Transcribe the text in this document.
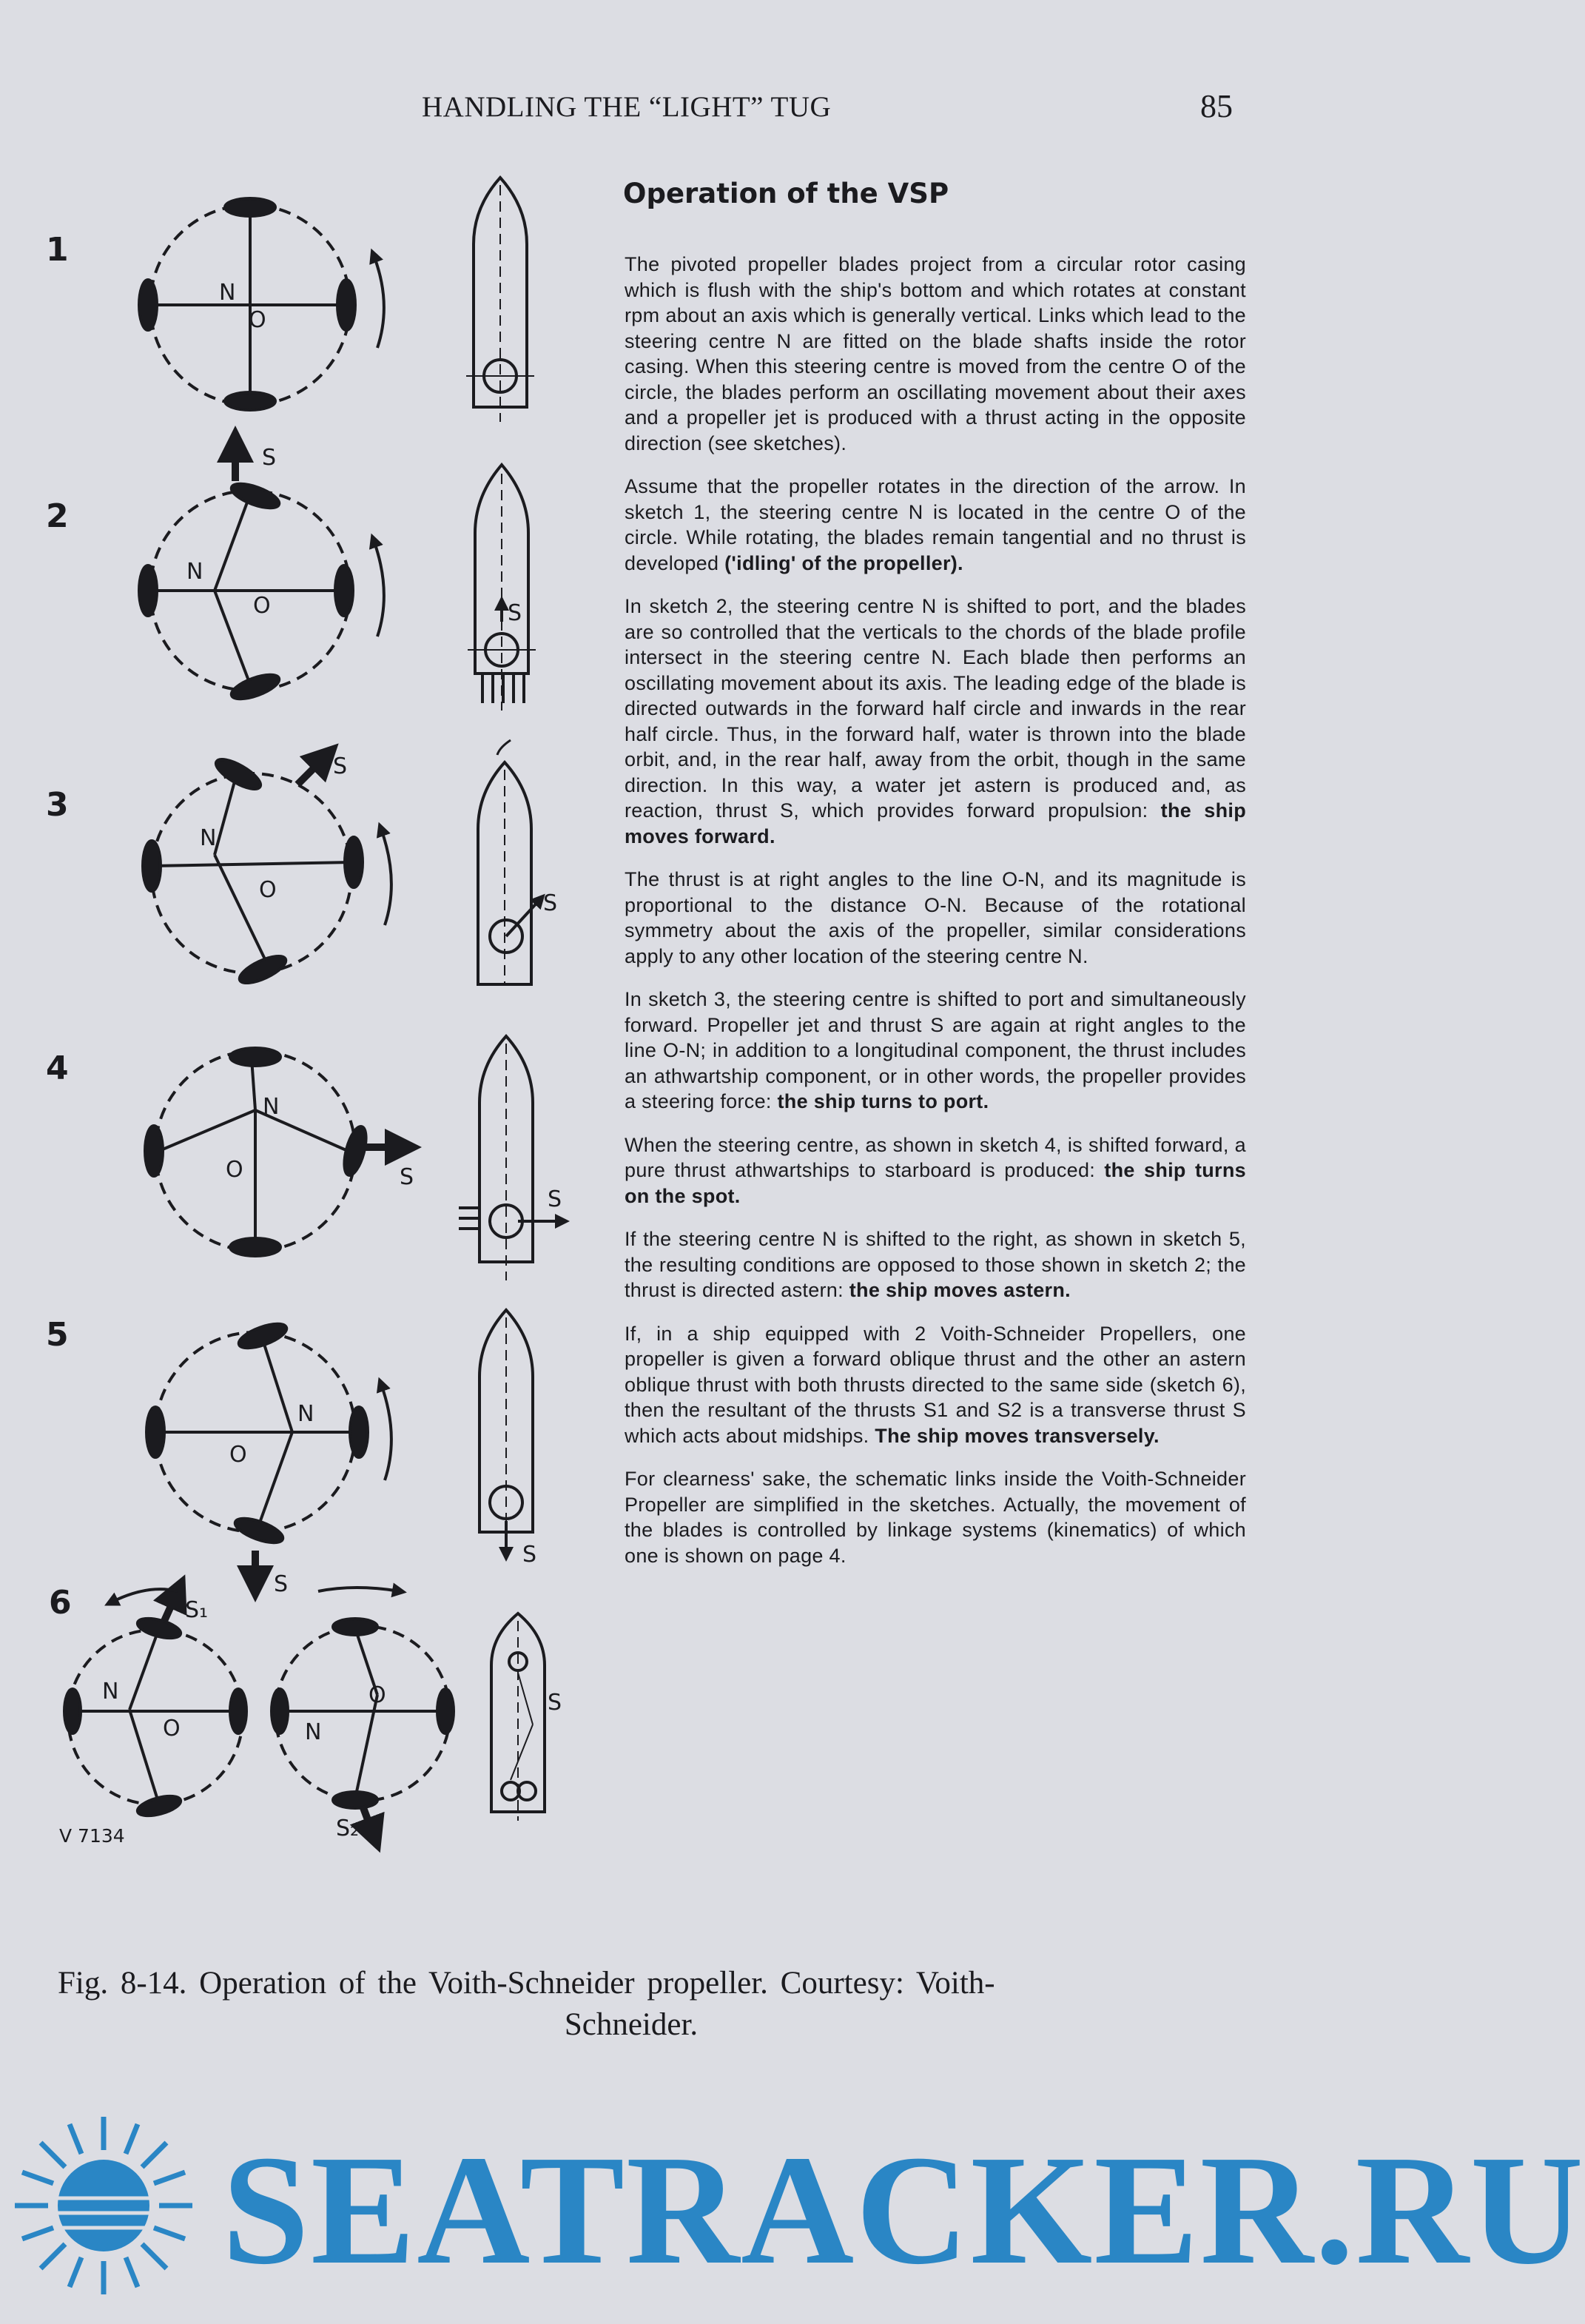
HANDLING THE “LIGHT” TUG	85
Operation of the VSP

The pivoted propeller blades project from a circular rotor casing which is flush with the ship's bottom and which rotates at constant rpm about an axis which is generally vertical. Links which lead to the steering centre N are fitted on the blade shafts inside the rotor casing. When this steering centre is moved from the centre O of the circle, the blades perform an oscillating movement about their axes and a propeller jet is produced with a thrust acting in the opposite direction (see sketches).

Assume that the propeller rotates in the direction of the arrow. In sketch 1, the steering centre N is located in the centre O of the circle. While rotating, the blades remain tangential and no thrust is developed ('idling' of the propeller).

In sketch 2, the steering centre N is shifted to port, and the blades are so controlled that the verticals to the chords of the blade profile intersect in the steering centre N. Each blade then performs an oscillating movement about its axis. The leading edge of the blade is directed outwards in the forward half circle and inwards in the rear half circle. Thus, in the forward half, water is thrown into the blade orbit, and, in the rear half, away from the orbit, though in the same direction. In this way, a water jet astern is produced and, as reaction, thrust S, which provides forward propulsion: the ship moves forward.

The thrust is at right angles to the line O-N, and its magnitude is proportional to the distance O-N. Because of the rotational symmetry about the axis of the propeller, similar considerations apply to any other location of the steering centre N.

In sketch 3, the steering centre is shifted to port and simultaneously forward. Propeller jet and thrust S are again at right angles to the line O-N; in addition to a longitudinal component, the thrust includes an athwartship component, or in other words, the propeller provides a steering force: the ship turns to port.

When the steering centre, as shown in sketch 4, is shifted forward, a pure thrust athwartships to starboard is produced: the ship turns on the spot.

If the steering centre N is shifted to the right, as shown in sketch 5, the resulting conditions are opposed to those shown in sketch 2; the thrust is directed astern: the ship moves astern.

If, in a ship equipped with 2 Voith-Schneider Propellers, one propeller is given a forward oblique thrust and the other an astern oblique thrust with both thrusts directed to the same side (sketch 6), then the resultant of the thrusts S1 and S2 is a transverse thrust S which acts about midships. The ship moves transversely.

For clearness' sake, the schematic links inside the Voith-Schneider Propeller are simplified in the sketches. Actually, the movement of the blades is controlled by linkage systems (kinematics) of which one is shown on page 4.

1
2
3
4
5
6
N
O
N
O
S
S
N
O
S
S
N
O	S
S
N
O
S
S
N
O
S₁
O
N
S₂
S
V 7134
Fig. 8-14. Operation of the Voith-Schneider propeller. Courtesy: Voith-
Schneider.
SEATRACKER.RU
